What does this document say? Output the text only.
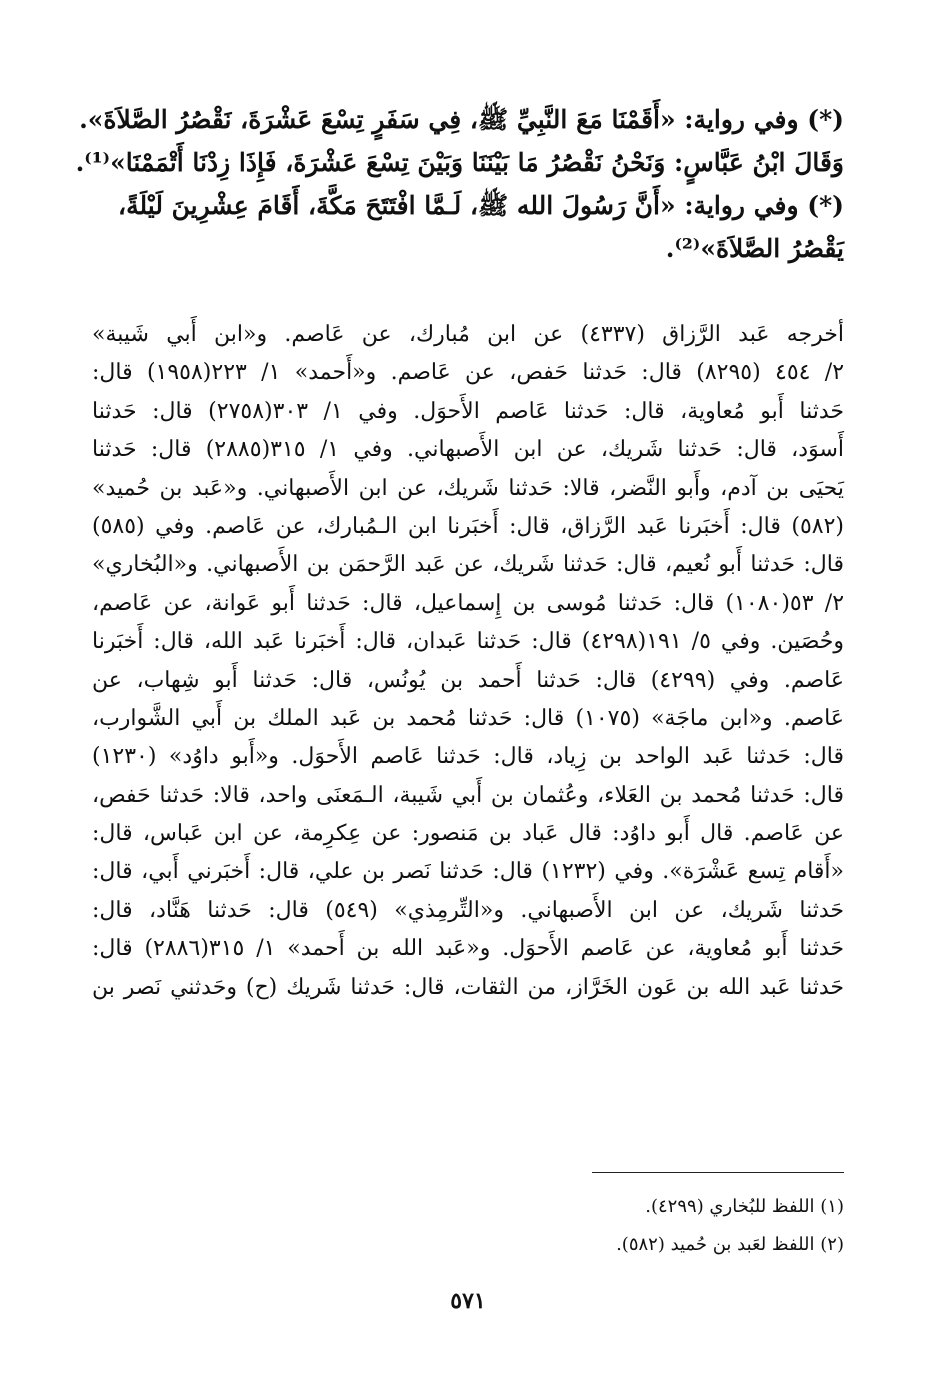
(*) وفي رواية: «أَقَمْنَا مَعَ النَّبِيِّ ﷺ، فِي سَفَرٍ تِسْعَ عَشْرَةَ، نَقْصُرُ الصَّلاَةَ».
وَقَالَ ابْنُ عَبَّاسٍ: وَنَحْنُ نَقْصُرُ مَا بَيْنَنَا وَبَيْنَ تِسْعَ عَشْرَةَ، فَإِذَا زِدْنَا أَتْمَمْنَا»⁽¹⁾.
(*) وفي رواية: «أَنَّ رَسُولَ الله ﷺ، لَـمَّا افْتَتَحَ مَكَّةَ، أَقَامَ عِشْرِينَ لَيْلَةً،
يَقْصُرُ الصَّلاَةَ»⁽²⁾.
أخرجه عَبد الرَّزاق (٤٣٣٧) عن ابن مُبارك، عن عَاصم. و«ابن أَبي شَيبة»
٢/ ٤٥٤ (٨٢٩٥) قال: حَدثنا حَفص، عن عَاصم. و«أَحمد» ١/ ٢٢٣(١٩٥٨) قال:
حَدثنا أَبو مُعاوية، قال: حَدثنا عَاصم الأَحوَل. وفي ١/ ٣٠٣(٢٧٥٨) قال: حَدثنا
أَسوَد، قال: حَدثنا شَريك، عن ابن الأَصبهاني. وفي ١/ ٣١٥(٢٨٨٥) قال: حَدثنا
يَحيَى بن آدم، وأَبو النَّضر، قالا: حَدثنا شَريك، عن ابن الأَصبهاني. و«عَبد بن حُميد»
(٥٨٢) قال: أَخبَرنا عَبد الرَّزاق، قال: أَخبَرنا ابن الـمُبارك، عن عَاصم. وفي (٥٨٥)
قال: حَدثنا أَبو نُعيم، قال: حَدثنا شَريك، عن عَبد الرَّحمَن بن الأَصبهاني. و«البُخاري»
٢/ ٥٣(١٠٨٠) قال: حَدثنا مُوسى بن إِسماعيل، قال: حَدثنا أَبو عَوانة، عن عَاصم،
وحُصَين. وفي ٥/ ١٩١(٤٢٩٨) قال: حَدثنا عَبدان، قال: أَخبَرنا عَبد الله، قال: أَخبَرنا
عَاصم. وفي (٤٢٩٩) قال: حَدثنا أَحمد بن يُونُس، قال: حَدثنا أَبو شِهاب، عن
عَاصم. و«ابن ماجَة» (١٠٧٥) قال: حَدثنا مُحمد بن عَبد الملك بن أَبي الشَّوارب،
قال: حَدثنا عَبد الواحد بن زِياد، قال: حَدثنا عَاصم الأَحوَل. و«أَبو داوُد» (١٢٣٠)
قال: حَدثنا مُحمد بن العَلاء، وعُثمان بن أَبي شَيبة، الـمَعنَى واحد، قالا: حَدثنا حَفص،
عن عَاصم. قال أَبو داوُد: قال عَباد بن مَنصور: عن عِكرِمة، عن ابن عَباس، قال:
«أَقام تِسع عَشْرَة». وفي (١٢٣٢) قال: حَدثنا نَصر بن علي، قال: أَخبَرني أَبي، قال:
حَدثنا شَريك، عن ابن الأَصبهاني. و«التِّرمِذي» (٥٤٩) قال: حَدثنا هَنَّاد، قال:
حَدثنا أَبو مُعاوية، عن عَاصم الأَحوَل. و«عَبد الله بن أَحمد» ١/ ٣١٥(٢٨٨٦) قال:
حَدثنا عَبد الله بن عَون الخَرَّاز، من الثقات، قال: حَدثنا شَريك (ح) وحَدثني نَصر بن
(١) اللفظ للبُخاري (٤٢٩٩).
(٢) اللفظ لعَبد بن حُميد (٥٨٢).
٥٧١
